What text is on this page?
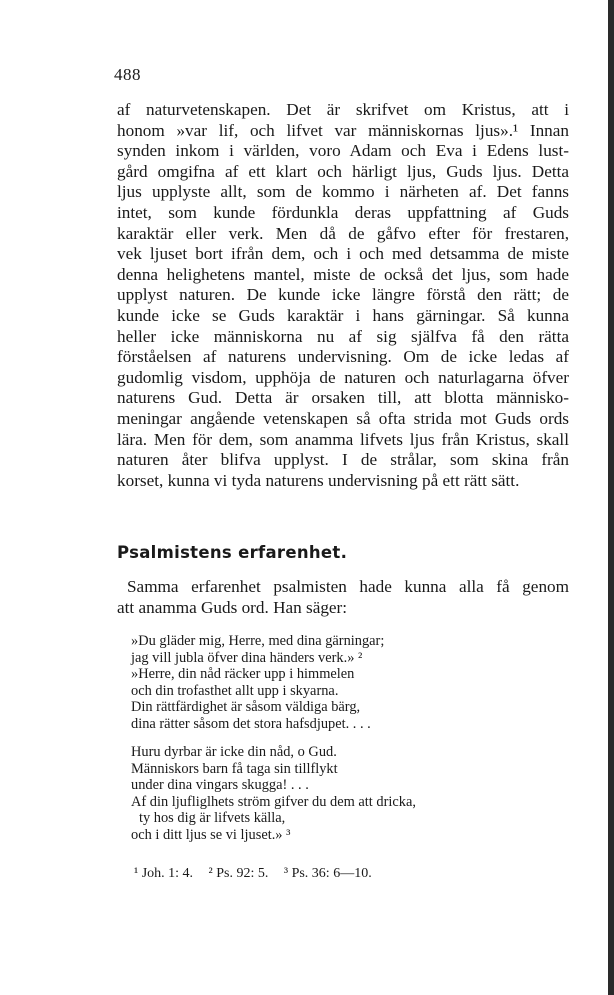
488
af naturvetenskapen. Det är skrifvet om Kristus, att i
honom »var lif, och lifvet var människornas ljus».¹ Innan
synden inkom i världen, voro Adam och Eva i Edens lust-
gård omgifna af ett klart och härligt ljus, Guds ljus. Detta
ljus upplyste allt, som de kommo i närheten af. Det fanns
intet, som kunde fördunkla deras uppfattning af Guds
karaktär eller verk. Men då de gåfvo efter för frestaren,
vek ljuset bort ifrån dem, och i och med detsamma de miste
denna helighetens mantel, miste de också det ljus, som hade
upplyst naturen. De kunde icke längre förstå den rätt; de
kunde icke se Guds karaktär i hans gärningar. Så kunna
heller icke människorna nu af sig själfva få den rätta
förståelsen af naturens undervisning. Om de icke ledas af
gudomlig visdom, upphöja de naturen och naturlagarna öfver
naturens Gud. Detta är orsaken till, att blotta människo-
meningar angående vetenskapen så ofta strida mot Guds ords
lära. Men för dem, som anamma lifvets ljus från Kristus, skall
naturen åter blifva upplyst. I de strålar, som skina från
korset, kunna vi tyda naturens undervisning på ett rätt sätt.
Psalmistens erfarenhet.
Samma erfarenhet psalmisten hade kunna alla få genom
att anamma Guds ord. Han säger:
»Du gläder mig, Herre, med dina gärningar;
jag vill jubla öfver dina händers verk.» ²
»Herre, din nåd räcker upp i himmelen
och din trofasthet allt upp i skyarna.
Din rättfärdighet är såsom väldiga bärg,
dina rätter såsom det stora hafsdjupet. . . .
Huru dyrbar är icke din nåd, o Gud.
Människors barn få taga sin tillflykt
under dina vingars skugga! . . .
Af din ljufliglhets ström gifver du dem att dricka,
ty hos dig är lifvets källa,
och i ditt ljus se vi ljuset.» ³
¹ Joh. 1: 4. ² Ps. 92: 5. ³ Ps. 36: 6—10.
